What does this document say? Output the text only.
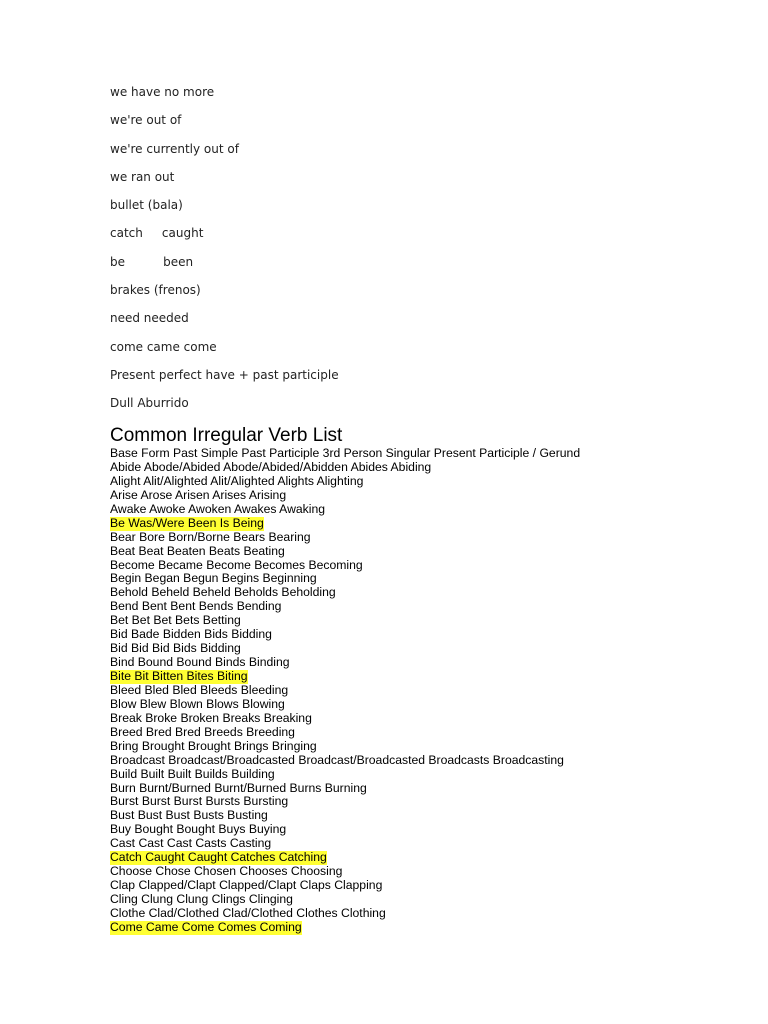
we have no more
we're out of
we're currently out of
we ran out
bullet (bala)
catch     caught
be          been
brakes (frenos)
need needed
come came come
Present perfect have + past participle
Dull Aburrido
Common Irregular Verb List
Base Form Past Simple Past Participle 3rd Person Singular Present Participle / Gerund
Abide Abode/Abided Abode/Abided/Abidden Abides Abiding
Alight Alit/Alighted Alit/Alighted Alights Alighting
Arise Arose Arisen Arises Arising
Awake Awoke Awoken Awakes Awaking
Be Was/Were Been Is Being
Bear Bore Born/Borne Bears Bearing
Beat Beat Beaten Beats Beating
Become Became Become Becomes Becoming
Begin Began Begun Begins Beginning
Behold Beheld Beheld Beholds Beholding
Bend Bent Bent Bends Bending
Bet Bet Bet Bets Betting
Bid Bade Bidden Bids Bidding
Bid Bid Bid Bids Bidding
Bind Bound Bound Binds Binding
Bite Bit Bitten Bites Biting
Bleed Bled Bled Bleeds Bleeding
Blow Blew Blown Blows Blowing
Break Broke Broken Breaks Breaking
Breed Bred Bred Breeds Breeding
Bring Brought Brought Brings Bringing
Broadcast Broadcast/Broadcasted Broadcast/Broadcasted Broadcasts Broadcasting
Build Built Built Builds Building
Burn Burnt/Burned Burnt/Burned Burns Burning
Burst Burst Burst Bursts Bursting
Bust Bust Bust Busts Busting
Buy Bought Bought Buys Buying
Cast Cast Cast Casts Casting
Catch Caught Caught Catches Catching
Choose Chose Chosen Chooses Choosing
Clap Clapped/Clapt Clapped/Clapt Claps Clapping
Cling Clung Clung Clings Clinging
Clothe Clad/Clothed Clad/Clothed Clothes Clothing
Come Came Come Comes Coming
